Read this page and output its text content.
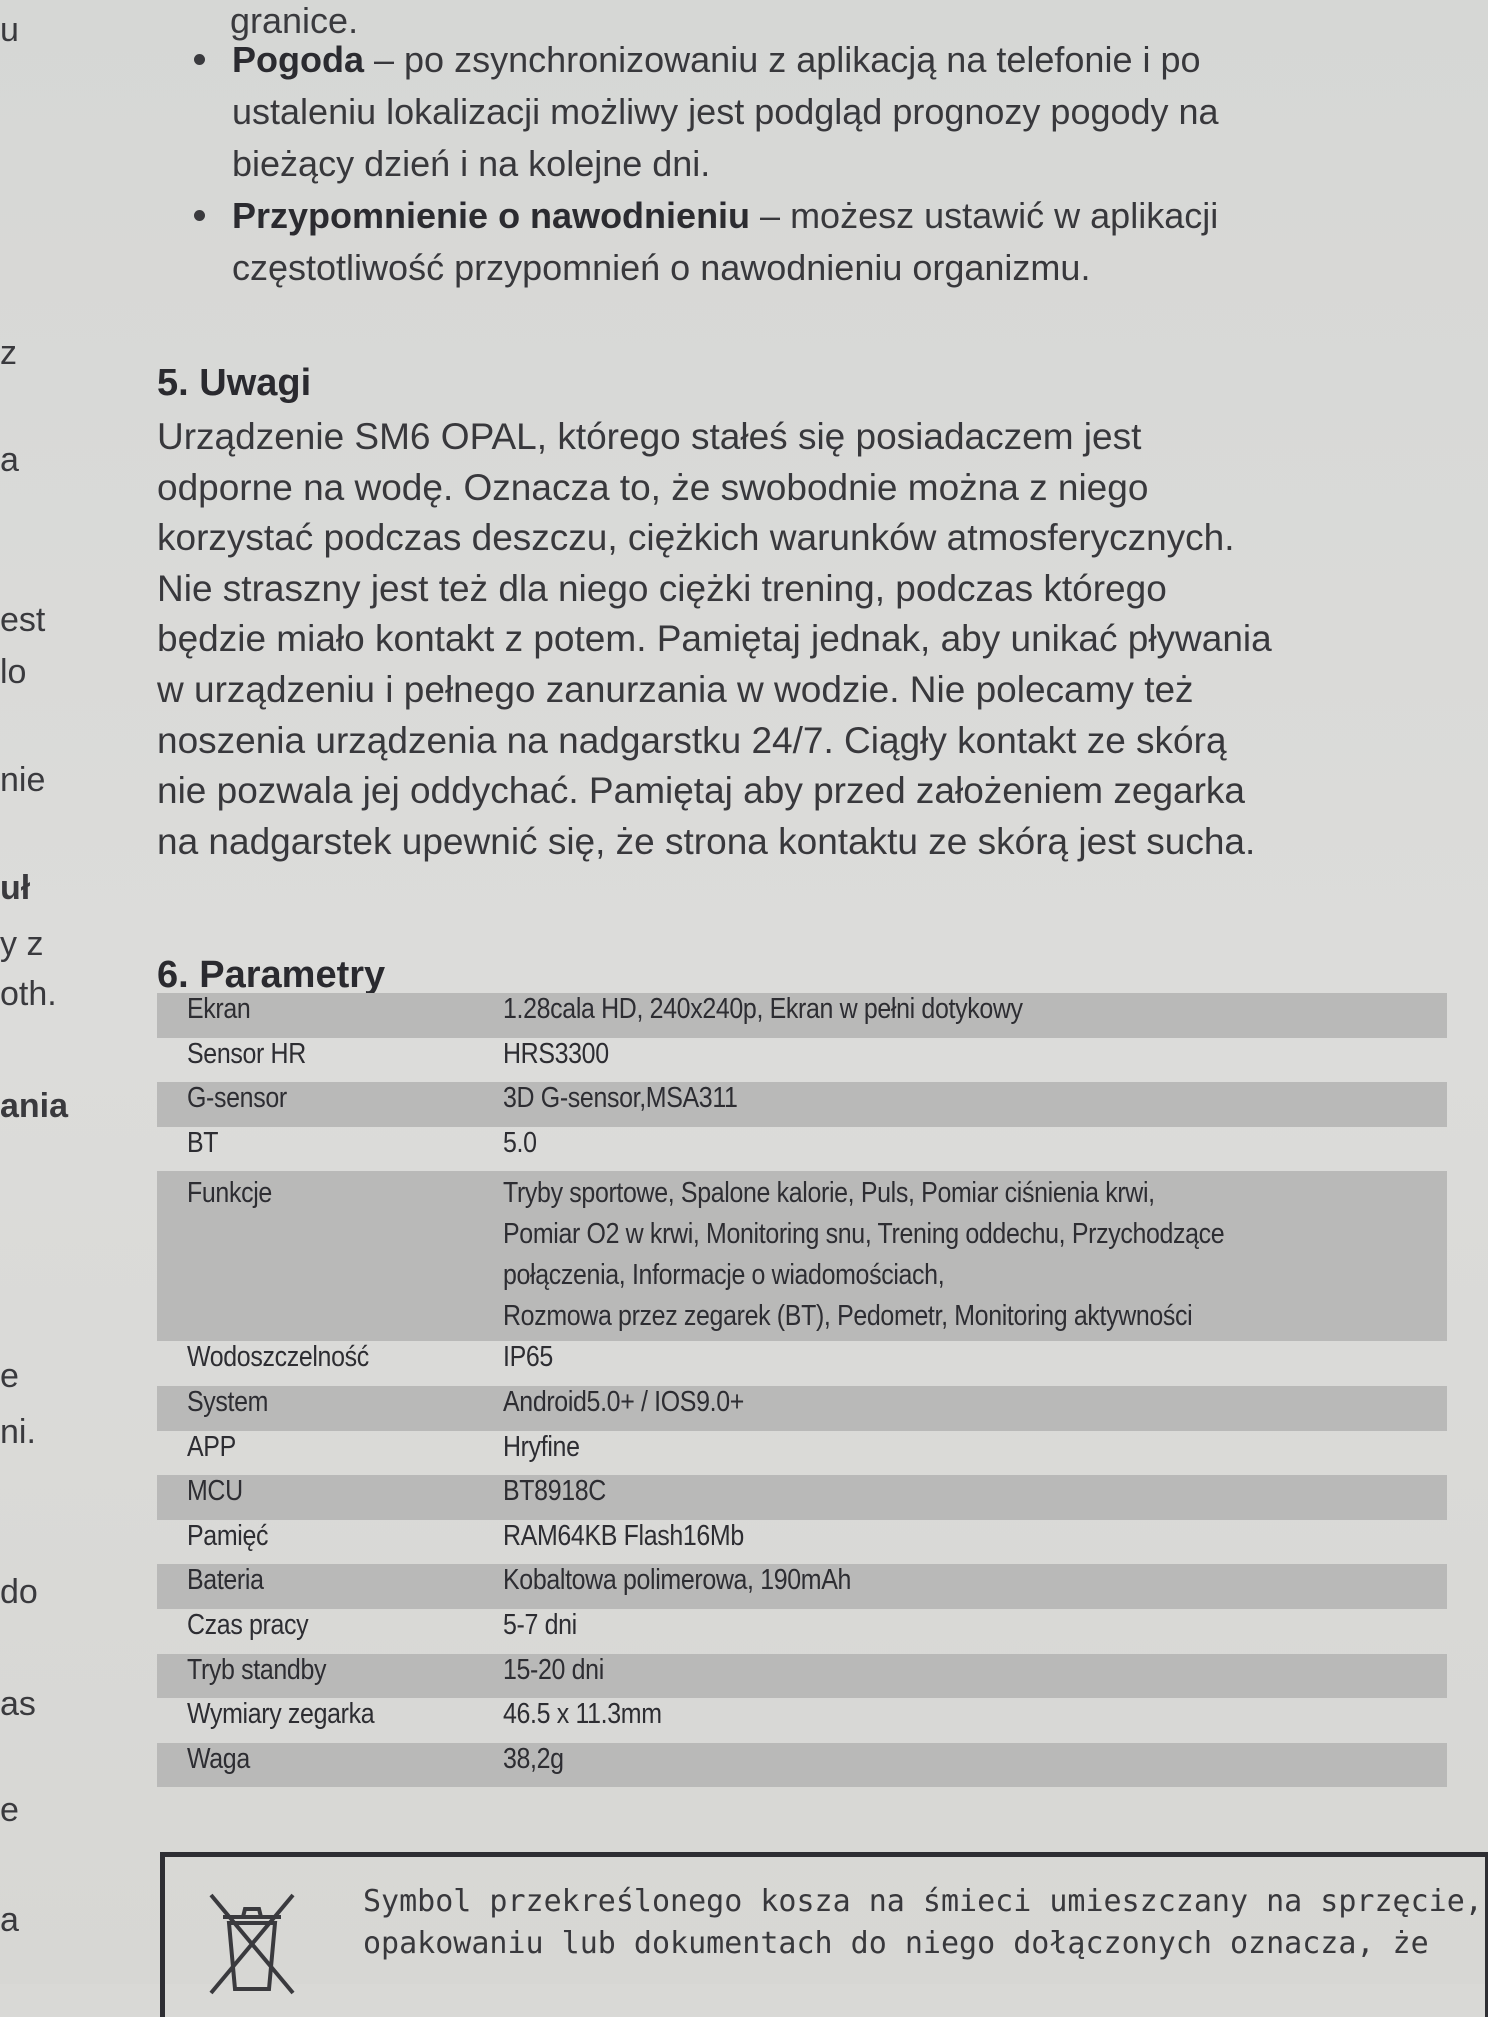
u
z
a
est
lo
nie
uł
y z
oth.
ania
e
ni.
do
as
e
a
granice.
Pogoda – po zsynchronizowaniu z aplikacją na telefonie i po
ustaleniu lokalizacji możliwy jest podgląd prognozy pogody na
bieżący dzień i na kolejne dni.
Przypomnienie o nawodnieniu – możesz ustawić w aplikacji
częstotliwość przypomnień o nawodnieniu organizmu.
5. Uwagi
Urządzenie SM6 OPAL, którego stałeś się posiadaczem jest
odporne na wodę. Oznacza to, że swobodnie można z niego
korzystać podczas deszczu, ciężkich warunków atmosferycznych.
Nie straszny jest też dla niego ciężki trening, podczas którego
będzie miało kontakt z potem. Pamiętaj jednak, aby unikać pływania
w urządzeniu i pełnego zanurzania w wodzie. Nie polecamy też
noszenia urządzenia na nadgarstku 24/7. Ciągły kontakt ze skórą
nie pozwala jej oddychać. Pamiętaj aby przed założeniem zegarka
na nadgarstek upewnić się, że strona kontaktu ze skórą jest sucha.
6. Parametry
Ekran	1.28cala HD, 240x240p, Ekran w pełni dotykowy
Sensor HR	HRS3300
G-sensor	3D G-sensor,MSA311
BT	5.0
Funkcje	Tryby sportowe, Spalone kalorie, Puls, Pomiar ciśnienia krwi,
Pomiar O2 w krwi, Monitoring snu, Trening oddechu, Przychodzące
połączenia, Informacje o wiadomościach,
Rozmowa przez zegarek (BT), Pedometr, Monitoring aktywności
Wodoszczelność	IP65
System	Android5.0+ / IOS9.0+
APP	Hryfine
MCU	BT8918C
Pamięć	RAM64KB Flash16Mb
Bateria	Kobaltowa polimerowa, 190mAh
Czas pracy	5-7 dni
Tryb standby	15-20 dni
Wymiary zegarka	46.5 x 11.3mm
Waga	38,2g
Symbol przekreślonego kosza na śmieci umieszczany na sprzęcie,
opakowaniu lub dokumentach do niego dołączonych oznacza, że
